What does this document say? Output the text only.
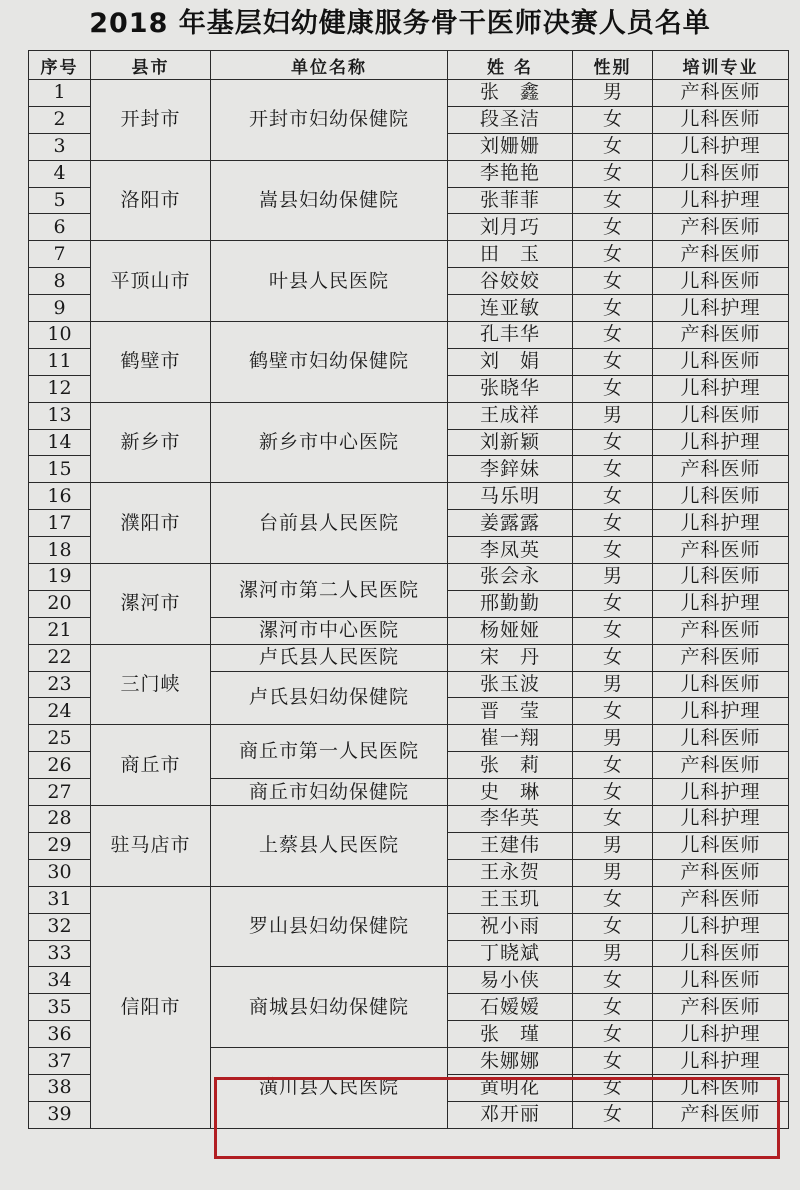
2018 年基层妇幼健康服务骨干医师决赛人员名单
序号	县市	单位名称	姓 名	性别	培训专业
1	开封市	开封市妇幼保健院	张　鑫	男	产科医师
2			段圣洁	女	儿科医师
3			刘姗姗	女	儿科护理
4	洛阳市	嵩县妇幼保健院	李艳艳	女	儿科医师
5			张菲菲	女	儿科护理
6			刘月巧	女	产科医师
7	平顶山市	叶县人民医院	田　玉	女	产科医师
8			谷姣姣	女	儿科医师
9			连亚敏	女	儿科护理
10	鹤壁市	鹤壁市妇幼保健院	孔丰华	女	产科医师
11			刘　娟	女	儿科医师
12			张晓华	女	儿科护理
13	新乡市	新乡市中心医院	王成祥	男	儿科医师
14			刘新颖	女	儿科护理
15			李鋅妹	女	产科医师
16	濮阳市	台前县人民医院	马乐明	女	儿科医师
17			姜露露	女	儿科护理
18			李凤英	女	产科医师
19	漯河市	漯河市第二人民医院	张会永	男	儿科医师
20			邢勤勤	女	儿科护理
21		漯河市中心医院	杨娅娅	女	产科医师
22	三门峡	卢氏县人民医院	宋　丹	女	产科医师
23		卢氏县妇幼保健院	张玉波	男	儿科医师
24			晋　莹	女	儿科护理
25	商丘市	商丘市第一人民医院	崔一翔	男	儿科医师
26			张　莉	女	产科医师
27		商丘市妇幼保健院	史　琳	女	儿科护理
28	驻马店市	上蔡县人民医院	李华英	女	儿科护理
29			王建伟	男	儿科医师
30			王永贺	男	产科医师
31	信阳市	罗山县妇幼保健院	王玉玑	女	产科医师
32			祝小雨	女	儿科护理
33			丁晓斌	男	儿科医师
34		商城县妇幼保健院	易小侠	女	儿科医师
35			石嫒嫒	女	产科医师
36			张　瑾	女	儿科护理
37		潢川县人民医院	朱娜娜	女	儿科护理
38			黄明花	女	儿科医师
39			邓开丽	女	产科医师
